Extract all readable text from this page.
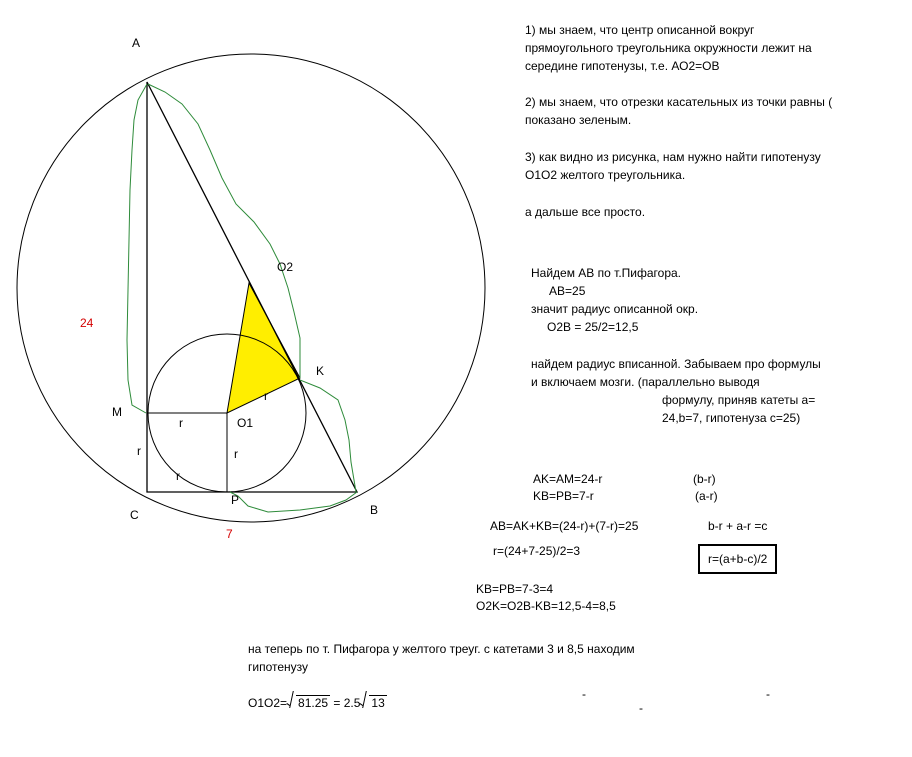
A
O2
K
M
O1
C
P
B
24
7
r
r
r	r
r
1) мы знаем, что центр описанной вокруг
прямоугольного треугольника окружности лежит на
середине гипотенузы, т.е. АО2=ОВ
2) мы знаем, что отрезки касательных из точки равны (
показано зеленым.
3) как видно из рисунка, нам нужно найти гипотенузу
О1О2 желтого треугольника.
а дальше все просто.
Найдем АВ по т.Пифагора.
AB=25
значит радиус описанной окр.
O2B = 25/2=12,5
найдем радиус вписанной. Забываем про формулы
и включаем мозги. (параллельно выводя
формулу, приняв катеты а=
24,b=7, гипотенуза с=25)
AK=AM=24-r
KB=PB=7-r
(b-r)
(a-r)
AB=AK+KB=(24-r)+(7-r)=25	b-r + a-r =c
r=(24+7-25)/2=3
r=(a+b-c)/2
KB=PB=7-3=4
O2K=O2B-KB=12,5-4=8,5
на теперь по т. Пифагора у желтого треуг. с катетами 3 и 8,5 находим
гипотенузу
O1O2= 81.25 = 2.5 13
-	-
-
